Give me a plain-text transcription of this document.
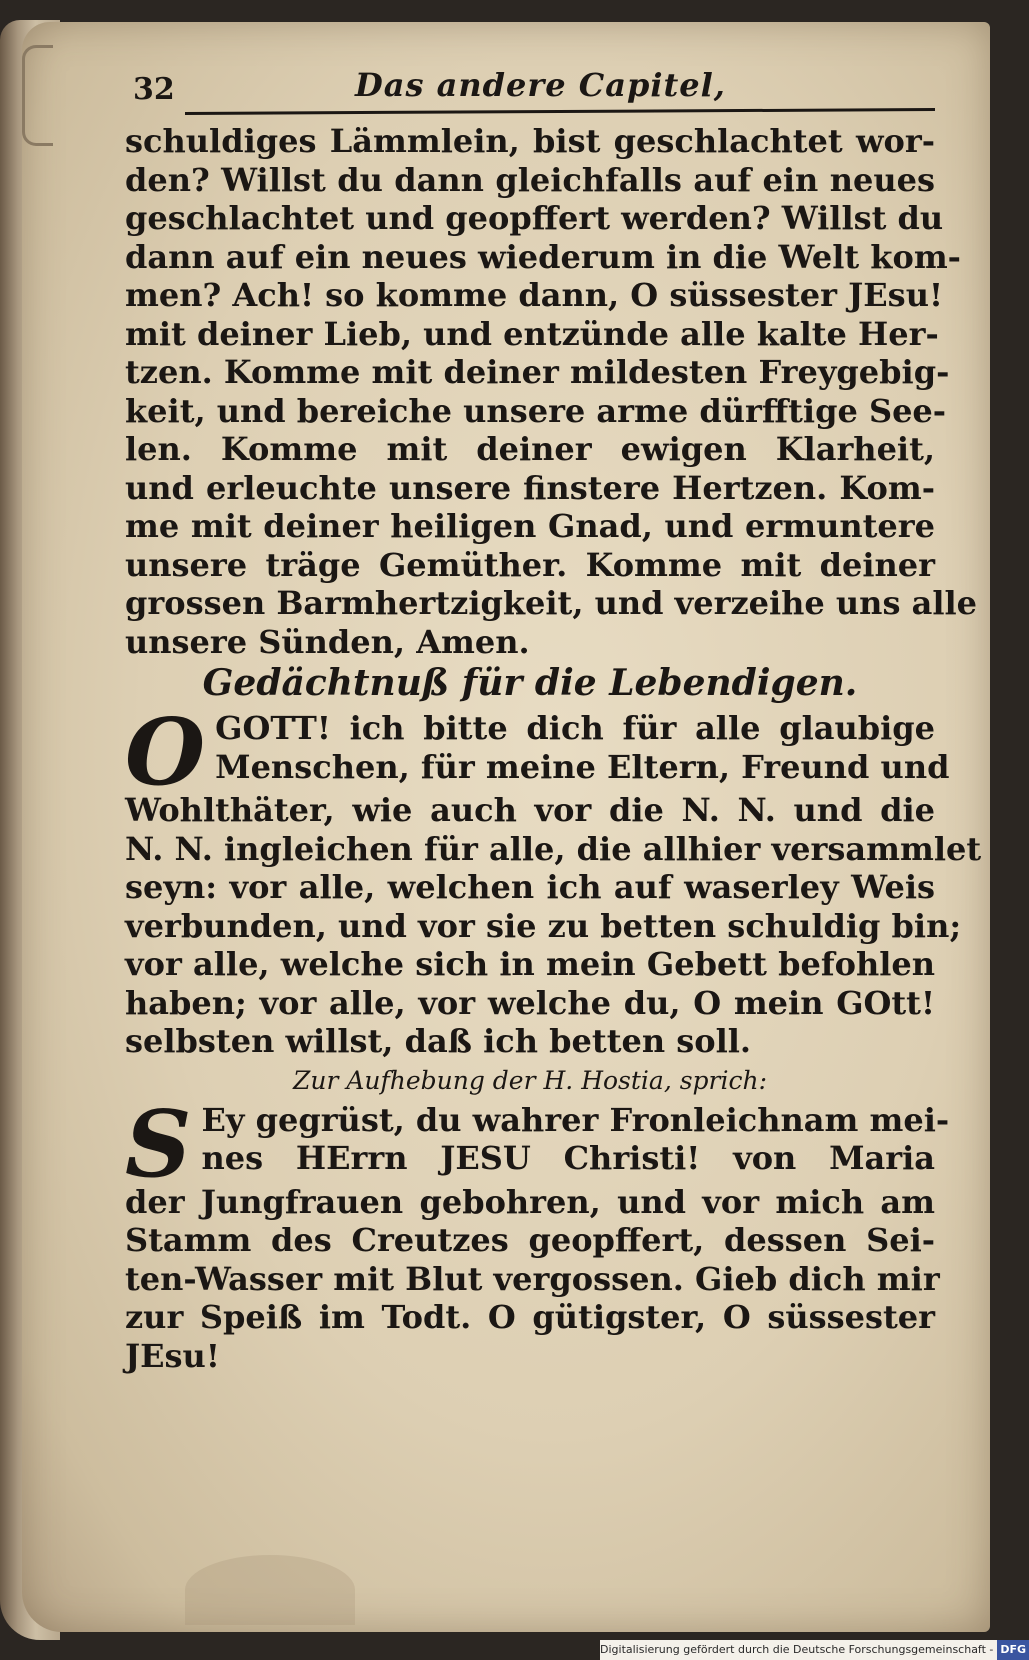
32	Das andere Capitel,
schuldiges Lämmlein, bist geschlachtet wor-
den? Willst du dann gleichfalls auf ein neues
geschlachtet und geopffert werden? Willst du
dann auf ein neues wiederum in die Welt kom-
men? Ach! so komme dann, O süssester JEsu!
mit deiner Lieb, und entzünde alle kalte Her-
tzen. Komme mit deiner mildesten Freygebig-
keit, und bereiche unsere arme dürfftige See-
len. Komme mit deiner ewigen Klarheit,
und erleuchte unsere finstere Hertzen. Kom-
me mit deiner heiligen Gnad, und ermuntere
unsere träge Gemüther. Komme mit deiner
grossen Barmhertzigkeit, und verzeihe uns alle
unsere Sünden, Amen.
Gedächtnuß für die Lebendigen.
O GOTT! ich bitte dich für alle glaubige
Menschen, für meine Eltern, Freund und
Wohlthäter, wie auch vor die N. N. und die
N. N. ingleichen für alle, die allhier versammlet
seyn: vor alle, welchen ich auf waserley Weis
verbunden, und vor sie zu betten schuldig bin;
vor alle, welche sich in mein Gebett befohlen
haben; vor alle, vor welche du, O mein GOtt!
selbsten willst, daß ich betten soll.
Zur Aufhebung der H. Hostia, sprich:
S Ey gegrüst, du wahrer Fronleichnam mei-
nes HErrn JESU Christi! von Maria
der Jungfrauen gebohren, und vor mich am
Stamm des Creutzes geopffert, dessen Sei-
ten-Wasser mit Blut vergossen. Gieb dich mir
zur Speiß im Todt. O gütigster, O süssester
JEsu!
Digitalisierung gefördert durch die Deutsche Forschungsgemeinschaft - DFG
